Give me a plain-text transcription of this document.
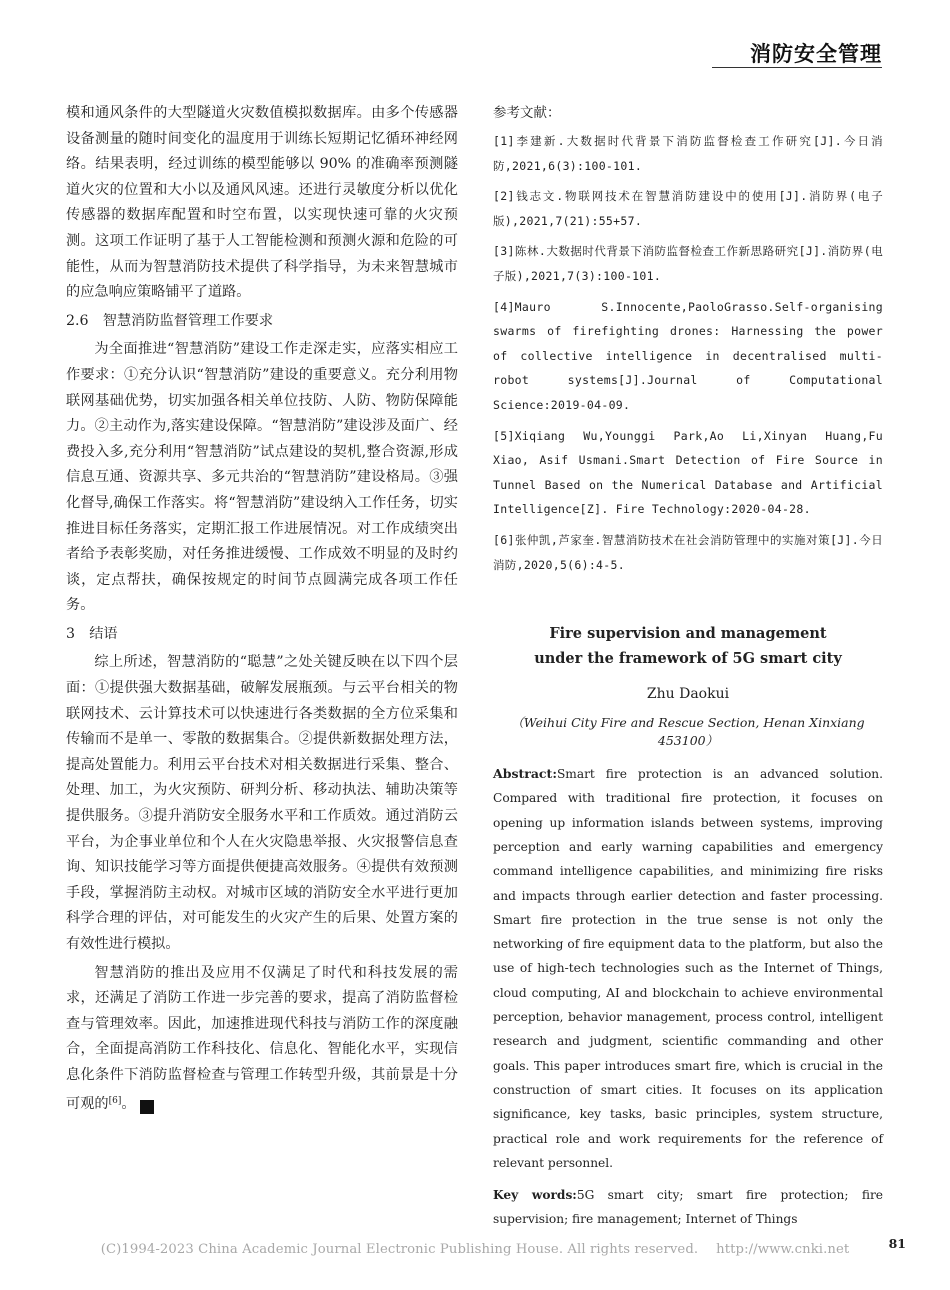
消防安全管理

模和通风条件的大型隧道火灾数值模拟数据库。由多个传感器设备测量的随时间变化的温度用于训练长短期记忆循环神经网络。结果表明，经过训练的模型能够以 90% 的准确率预测隧道火灾的位置和大小以及通风风速。还进行灵敏度分析以优化传感器的数据库配置和时空布置，以实现快速可靠的火灾预测。这项工作证明了基于人工智能检测和预测火源和危险的可能性，从而为智慧消防技术提供了科学指导，为未来智慧城市的应急响应策略铺平了道路。

2.6　智慧消防监督管理工作要求

为全面推进“智慧消防”建设工作走深走实，应落实相应工作要求：①充分认识“智慧消防”建设的重要意义。充分利用物联网基础优势，切实加强各相关单位技防、人防、物防保障能力。②主动作为,落实建设保障。“智慧消防”建设涉及面广、经费投入多,充分利用“智慧消防”试点建设的契机,整合资源,形成信息互通、资源共享、多元共治的“智慧消防”建设格局。③强化督导,确保工作落实。将“智慧消防”建设纳入工作任务，切实推进目标任务落实，定期汇报工作进展情况。对工作成绩突出者给予表彰奖励，对任务推进缓慢、工作成效不明显的及时约谈，定点帮扶，确保按规定的时间节点圆满完成各项工作任务。

3　结语

综上所述，智慧消防的“聪慧”之处关键反映在以下四个层面：①提供强大数据基础，破解发展瓶颈。与云平台相关的物联网技术、云计算技术可以快速进行各类数据的全方位采集和传输而不是单一、零散的数据集合。②提供新数据处理方法，提高处置能力。利用云平台技术对相关数据进行采集、整合、处理、加工，为火灾预防、研判分析、移动执法、辅助决策等提供服务。③提升消防安全服务水平和工作质效。通过消防云平台，为企事业单位和个人在火灾隐患举报、火灾报警信息查询、知识技能学习等方面提供便捷高效服务。④提供有效预测手段，掌握消防主动权。对城市区域的消防安全水平进行更加科学合理的评估，对可能发生的火灾产生的后果、处置方案的有效性进行模拟。

智慧消防的推出及应用不仅满足了时代和科技发展的需求，还满足了消防工作进一步完善的要求，提高了消防监督检查与管理效率。因此，加速推进现代科技与消防工作的深度融合，全面提高消防工作科技化、信息化、智能化水平，实现信息化条件下消防监督检查与管理工作转型升级，其前景是十分可观的[6]。	E

参考文献：

[1]李建新.大数据时代背景下消防监督检查工作研究[J].今日消防,2021,6(3):100-101.

[2]钱志文.物联网技术在智慧消防建设中的使用[J].消防界(电子版),2021,7(21):55+57.

[3]陈林.大数据时代背景下消防监督检查工作新思路研究[J].消防界(电子版),2021,7(3):100-101.

[4]Mauro S.Innocente,PaoloGrasso.Self-organising swarms of firefighting drones: Harnessing the power of collective intelligence in decentralised multi-robot systems[J].Journal of Computational Science:2019-04-09.

[5]Xiqiang Wu,Younggi Park,Ao Li,Xinyan Huang,Fu Xiao, Asif Usmani.Smart Detection of Fire Source in Tunnel Based on the Numerical Database and Artificial Intelligence[Z]. Fire Technology:2020-04-28.

[6]张仲凯,芦家奎.智慧消防技术在社会消防管理中的实施对策[J].今日消防,2020,5(6):4-5.

Fire supervision and management
under the framework of 5G smart city
Zhu Daokui
（Weihui City Fire and Rescue Section, Henan Xinxiang 453100）
Abstract:Smart fire protection is an advanced solution. Compared with traditional fire protection, it focuses on opening up information islands between systems, improving perception and early warning capabilities and emergency command intelligence capabilities, and minimizing fire risks and impacts through earlier detection and faster processing. Smart fire protection in the true sense is not only the networking of fire equipment data to the platform, but also the use of high-tech technologies such as the Internet of Things, cloud computing, AI and blockchain to achieve environmental perception, behavior management, process control, intelligent research and judgment, scientific commanding and other goals. This paper introduces smart fire, which is crucial in the construction of smart cities. It focuses on its application significance, key tasks, basic principles, system structure, practical role and work requirements for the reference of relevant personnel.
Key words:5G smart city; smart fire protection; fire supervision; fire management; Internet of Things
(C)1994-2023 China Academic Journal Electronic Publishing House. All rights reserved. http://www.cnki.net	81
